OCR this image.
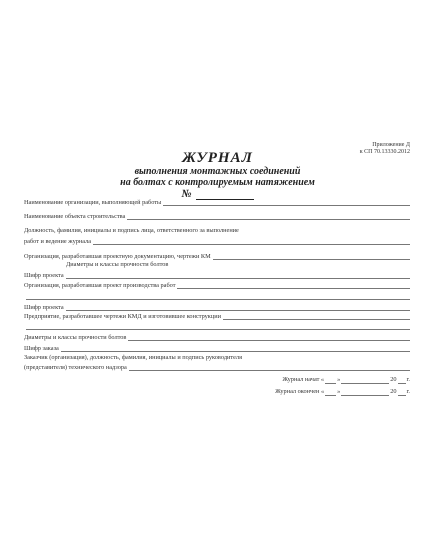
Приложение Д
к СП 70.13330.2012
ЖУРНАЛ
выполнения монтажных соединений
на болтах с контролируемым натяжением
№
Наименование организации, выполняющей работы
Наименование объекта строительства
Должность, фамилия, инициалы и подпись лица, ответственного за выполнение
работ и ведение журнала
Организация, разработавшая проектную документацию, чертежи КМ
Диаметры и классы прочности болтов
Шифр проекта
Организация, разработавшая проект производства работ
Шифр проекта
Предприятие, разработавшее чертежи КМД и изготовившее конструкции
Диаметры и классы прочности болтов
Шифр заказа
Заказчик (организация), должность, фамилия, инициалы и подпись руководителя
(представителя) технического надзора
Журнал начат « »	20 г.
Журнал окончен « »	20 г.
